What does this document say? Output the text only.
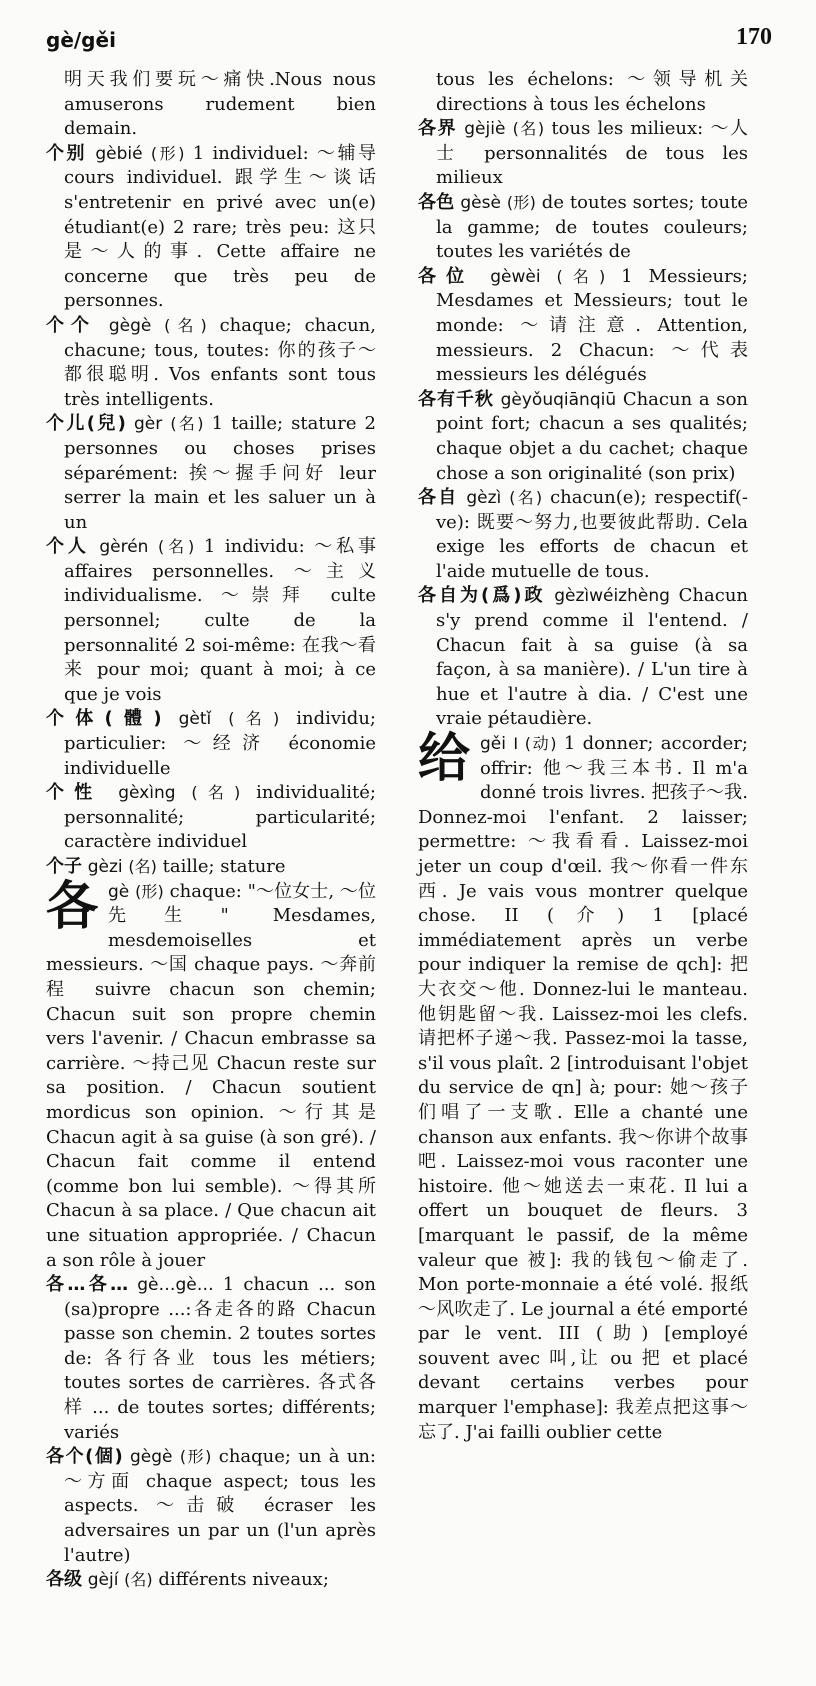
gè/gěi	170

明天我们要玩～痛快.Nous nous amuserons rudement bien demain.

个别 gèbié (形) 1 individuel: ～辅导 cours individuel. 跟学生～谈话 s'entretenir en privé avec un(e) étudiant(e) 2 rare; très peu: 这只是～人的事. Cette affaire ne concerne que très peu de personnes.

个个 gègè (名) chaque; chacun, chacune; tous, toutes: 你的孩子～都很聪明. Vos enfants sont tous très intelligents.

个儿(兒) gèr (名) 1 taille; stature 2 personnes ou choses prises séparément: 挨～握手问好 leur serrer la main et les saluer un à un

个人 gèrén (名) 1 individu: ～私事 affaires personnelles. ～主义 individualisme. ～崇拜 culte personnel; culte de la personnalité 2 soi-même: 在我～看来 pour moi; quant à moi; à ce que je vois

个体(體) gètǐ (名) individu; particulier: ～经济 économie individuelle

个性 gèxìng (名) individualité; personnalité; particularité; caractère individuel

个子 gèzi (名) taille; stature

各gè (形) chaque: "～位女士, ～位先生" Mesdames, mesdemoiselles et messieurs. ～国 chaque pays. ～奔前程 suivre chacun son chemin; Chacun suit son propre chemin vers l'avenir. / Chacun embrasse sa carrière. ～持己见 Chacun reste sur sa position. / Chacun soutient mordicus son opinion. ～行其是 Chacun agit à sa guise (à son gré). / Chacun fait comme il entend (comme bon lui semble). ～得其所 Chacun à sa place. / Que chacun ait une situation appropriée. / Chacun a son rôle à jouer

各…各… gè…gè… 1 chacun ... son (sa)propre ...:各走各的路 Chacun passe son chemin. 2 toutes sortes de: 各行各业 tous les métiers; toutes sortes de carrières. 各式各样 ... de toutes sortes; différents; variés

各个(個) gègè (形) chaque; un à un: ～方面 chaque aspect; tous les aspects. ～击破 écraser les adversaires un par un (l'un après l'autre)

各级 gèjí (名) différents niveaux;

tous les échelons: ～领导机关 directions à tous les échelons

各界 gèjiè (名) tous les milieux: ～人士 personnalités de tous les milieux

各色 gèsè (形) de toutes sortes; toute la gamme; de toutes couleurs; toutes les variétés de

各位 gèwèi (名) 1 Messieurs; Mesdames et Messieurs; tout le monde: ～请注意. Attention, messieurs. 2 Chacun: ～代表 messieurs les délégués

各有千秋 gèyǒuqiānqiū Chacun a son point fort; chacun a ses qualités; chaque objet a du cachet; chaque chose a son originalité (son prix)

各自 gèzì (名) chacun(e); respectif(-ve): 既要～努力,也要彼此帮助. Cela exige les efforts de chacun et l'aide mutuelle de tous.

各自为(爲)政 gèzìwéizhèng Chacun s'y prend comme il l'entend. / Chacun fait à sa guise (à sa façon, à sa manière). / L'un tire à hue et l'autre à dia. / C'est une vraie pétaudière.

给gěi I (动) 1 donner; accorder; offrir: 他～我三本书. Il m'a donné trois livres. 把孩子～我. Donnez-moi l'enfant. 2 laisser; permettre: ～我看看. Laissez-moi jeter un coup d'œil. 我～你看一件东西. Je vais vous montrer quelque chose. II (介) 1 [placé immédiatement après un verbe pour indiquer la remise de qch]: 把大衣交～他. Donnez-lui le manteau. 他钥匙留～我. Laissez-moi les clefs. 请把杯子递～我. Passez-moi la tasse, s'il vous plaît. 2 [introduisant l'objet du service de qn] à; pour: 她～孩子们唱了一支歌. Elle a chanté une chanson aux enfants. 我～你讲个故事吧. Laissez-moi vous raconter une histoire. 他～她送去一束花. Il lui a offert un bouquet de fleurs. 3 [marquant le passif, de la même valeur que 被]: 我的钱包～偷走了. Mon porte-monnaie a été volé. 报纸～风吹走了. Le journal a été emporté par le vent. III (助) [employé souvent avec 叫,让 ou 把 et placé devant certains verbes pour marquer l'emphase]: 我差点把这事～忘了. J'ai failli oublier cette
